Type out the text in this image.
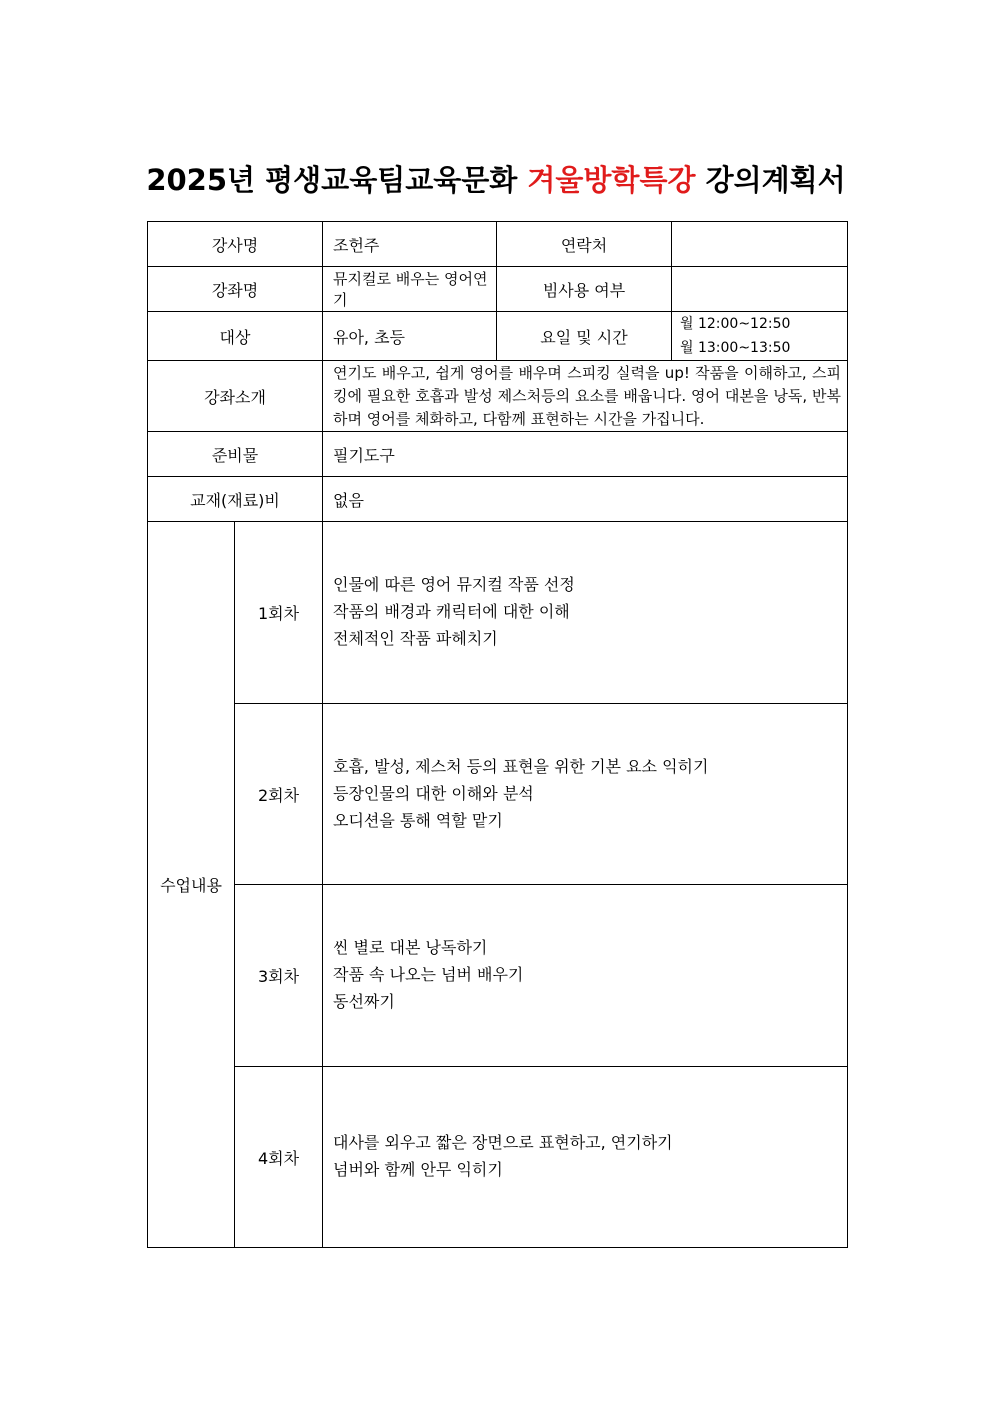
2025년 평생교육팀교육문화 겨울방학특강 강의계획서
강사명		조헌주	연락처	
강좌명		뮤지컬로 배우는 영어연기	빔사용 여부	
대상		유아, 초등	요일 및 시간	월 12:00~12:50
월 13:00~13:50

강좌소개		연기도 배우고, 쉽게 영어를 배우며 스피킹 실력을 up! 작품을 이해하고, 스피킹에 필요한 호흡과 발성 제스처등의 요소를 배웁니다. 영어 대본을 낭독, 반복하며 영어를 체화하고, 다함께 표현하는 시간을 가집니다.		
준비물		필기도구		
교재(재료)비		없음		
수업내용	1회차	인물에 따른 영어 뮤지컬 작품 선정
작품의 배경과 캐릭터에 대한 이해
전체적인 작품 파헤치기		

	2회차	호흡, 발성, 제스처 등의 표현을 위한 기본 요소 익히기
등장인물의 대한 이해와 분석
오디션을 통해 역할 맡기		

	3회차	씬 별로 대본 낭독하기
작품 속 나오는 넘버 배우기
동선짜기		

	4회차	대사를 외우고 짧은 장면으로 표현하고, 연기하기
넘버와 함께 안무 익히기		
